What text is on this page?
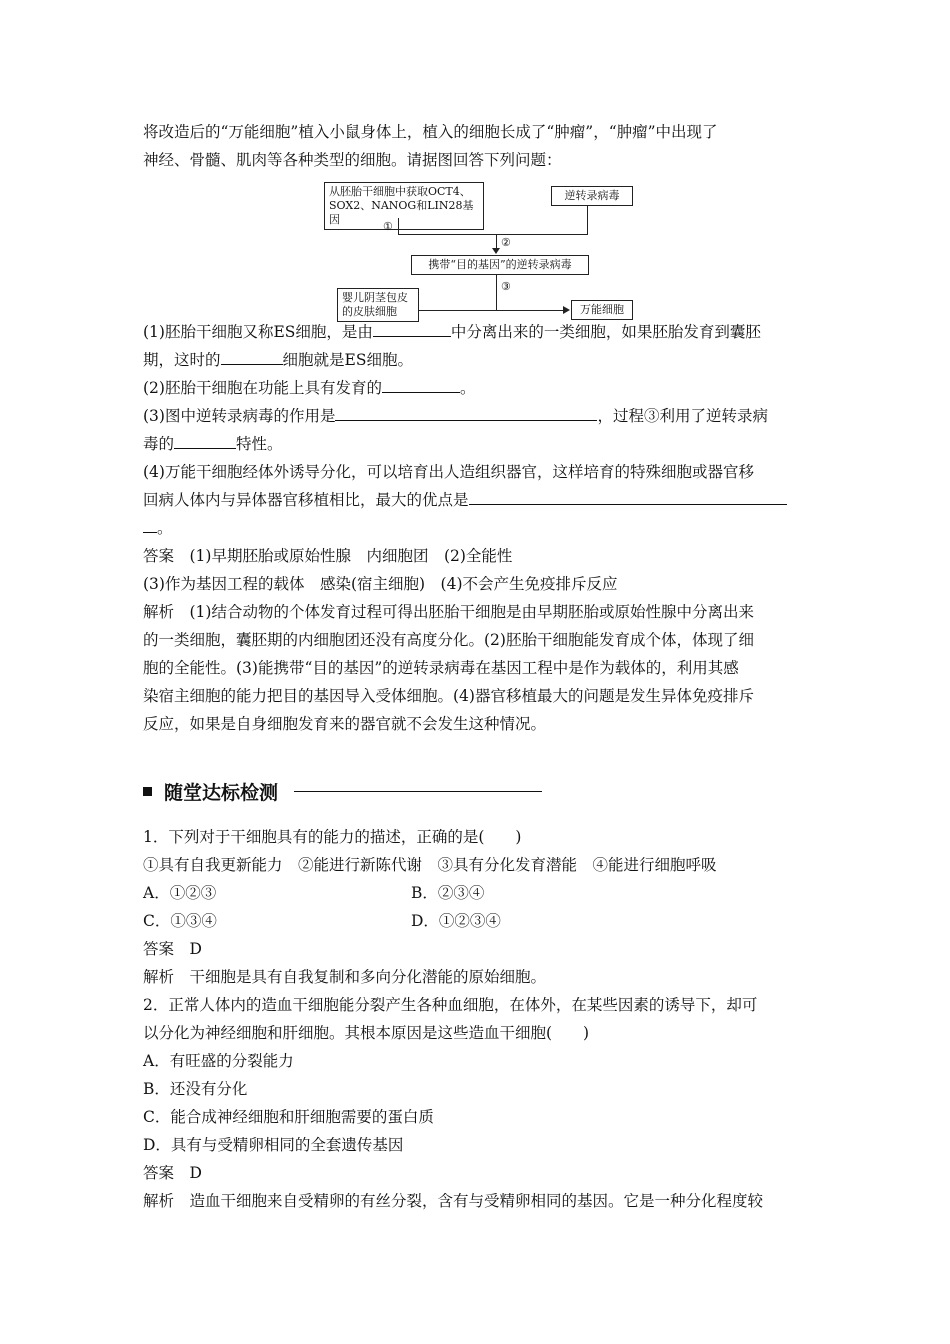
将改造后的“万能细胞”植入小鼠身体上，植入的细胞长成了“肿瘤”，“肿瘤”中出现了

神经、骨髓、肌肉等各种类型的细胞。请据图回答下列问题：

从胚胎干细胞中获取OCT4、
SOX2、NANOG和LIN28基因
①
逆转录病毒
②
携带“目的基因”的逆转录病毒
③
婴儿阴茎包皮
的皮肤细胞	万能细胞

(1)胚胎干细胞又称ES细胞，是由	中分离出来的一类细胞，如果胚胎发育到囊胚

期，这时的	细胞就是ES细胞。

(2)胚胎干细胞在功能上具有发育的	。

(3)图中逆转录病毒的作用是	，过程③利用了逆转录病

毒的	特性。

(4)万能干细胞经体外诱导分化，可以培育出人造组织器官，这样培育的特殊细胞或器官移

回病人体内与异体器官移植相比，最大的优点是

。

答案　(1)早期胚胎或原始性腺　内细胞团　(2)全能性

(3)作为基因工程的载体　感染(宿主细胞)　(4)不会产生免疫排斥反应

解析　(1)结合动物的个体发育过程可得出胚胎干细胞是由早期胚胎或原始性腺中分离出来

的一类细胞，囊胚期的内细胞团还没有高度分化。(2)胚胎干细胞能发育成个体，体现了细

胞的全能性。(3)能携带“目的基因”的逆转录病毒在基因工程中是作为载体的，利用其感

染宿主细胞的能力把目的基因导入受体细胞。(4)器官移植最大的问题是发生异体免疫排斥

反应，如果是自身细胞发育来的器官就不会发生这种情况。

随堂达标检测

1．下列对于干细胞具有的能力的描述，正确的是(　　)

①具有自我更新能力　②能进行新陈代谢　③具有分化发育潜能　④能进行细胞呼吸

A．①②③	B．②③④

C．①③④	D．①②③④

答案　D

解析　干细胞是具有自我复制和多向分化潜能的原始细胞。

2．正常人体内的造血干细胞能分裂产生各种血细胞，在体外，在某些因素的诱导下，却可

以分化为神经细胞和肝细胞。其根本原因是这些造血干细胞(　　)

A．有旺盛的分裂能力

B．还没有分化

C．能合成神经细胞和肝细胞需要的蛋白质

D．具有与受精卵相同的全套遗传基因

答案　D

解析　造血干细胞来自受精卵的有丝分裂，含有与受精卵相同的基因。它是一种分化程度较
